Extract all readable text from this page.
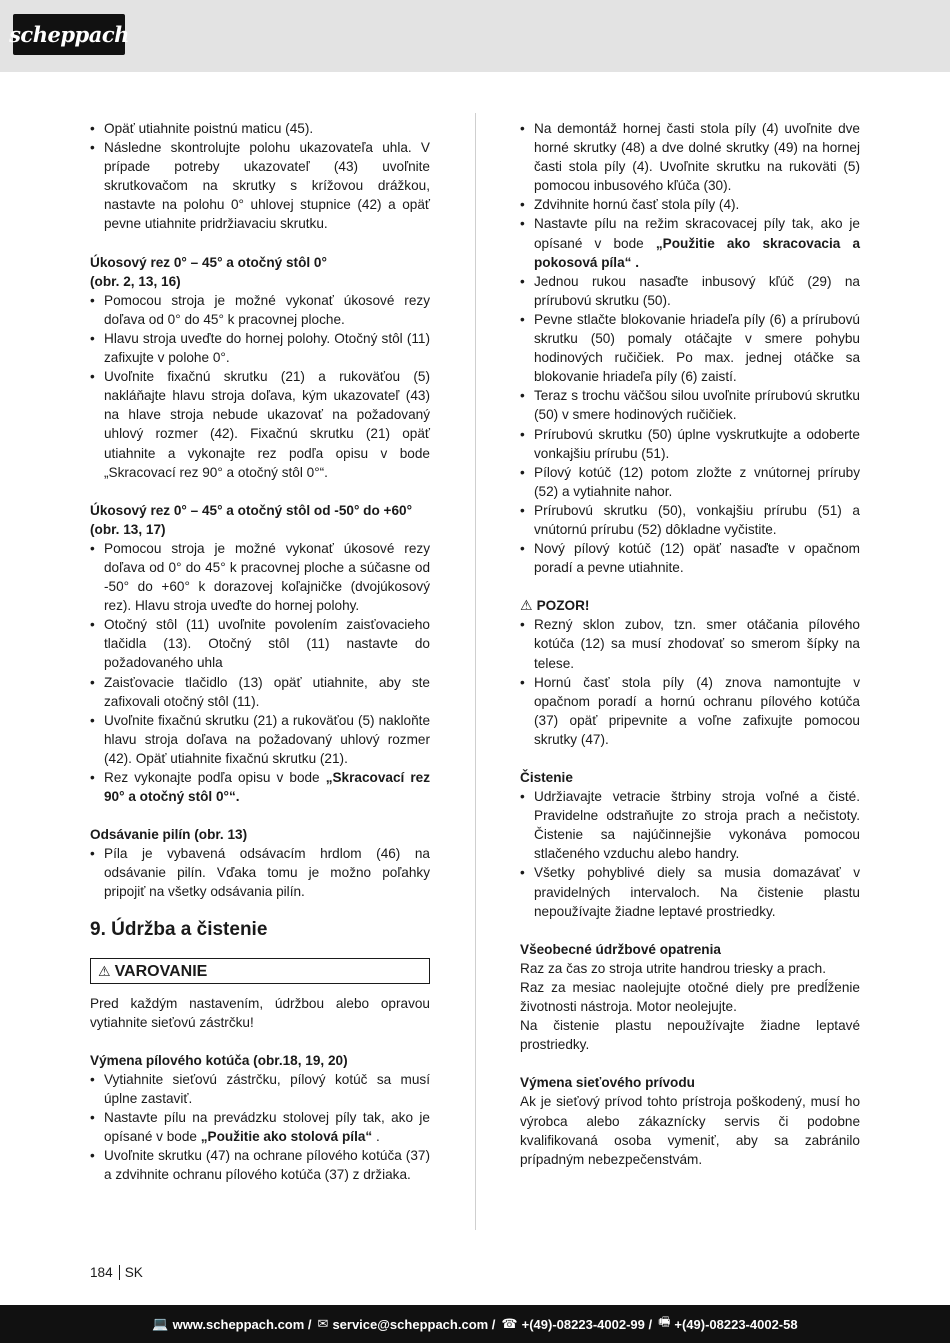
scheppach
• Opäť utiahnite poistnú maticu (45).
• Následne skontrolujte polohu ukazovateľa uhla. V prípade potreby ukazovateľ (43) uvoľnite skrutkovačom na skrutky s krížovou drážkou, nastavte na polohu 0° uhlovej stupnice (42) a opäť pevne utiahnite pridržiavaciu skrutku.

Úkosový rez 0° – 45° a otočný stôl 0°

(obr. 2, 13, 16)

• Pomocou stroja je možné vykonať úkosové rezy doľava od 0° do 45° k pracovnej ploche.
• Hlavu stroja uveďte do hornej polohy. Otočný stôl (11) zafixujte v polohe 0°.
• Uvoľnite fixačnú skrutku (21) a rukoväťou (5) nakláňajte hlavu stroja doľava, kým ukazovateľ (43) na hlave stroja nebude ukazovať na požadovaný uhlový rozmer (42). Fixačnú skrutku (21) opäť utiahnite a vykonajte rez podľa opisu v bode „Skracovací rez 90° a otočný stôl 0°“.

Úkosový rez 0° – 45° a otočný stôl od -50° do +60°

(obr. 13, 17)

• Pomocou stroja je možné vykonať úkosové rezy doľava od 0° do 45° k pracovnej ploche a súčasne od -50° do +60° k dorazovej koľajničke (dvojúkosový rez). Hlavu stroja uveďte do hornej polohy.
• Otočný stôl (11) uvoľnite povolením zaisťovacieho tlačidla (13). Otočný stôl (11) nastavte do požadovaného uhla
• Zaisťovacie tlačidlo (13) opäť utiahnite, aby ste zafixovali otočný stôl (11).
• Uvoľnite fixačnú skrutku (21) a rukoväťou (5) nakloňte hlavu stroja doľava na požadovaný uhlový rozmer (42). Opäť utiahnite fixačnú skrutku (21).
• Rez vykonajte podľa opisu v bode „Skracovací rez 90° a otočný stôl 0°“.

Odsávanie pilín (obr. 13)

• Píla je vybavená odsávacím hrdlom (46) na odsávanie pilín. Vďaka tomu je možno poľahky pripojiť na všetky odsávania pilín.

9. Údržba a čistenie

⚠ VAROVANIE

Pred každým nastavením, údržbou alebo opravou vytiahnite sieťovú zástrčku!

Výmena pílového kotúča (obr.18, 19, 20)

• Vytiahnite sieťovú zástrčku, pílový kotúč sa musí úplne zastaviť.
• Nastavte pílu na prevádzku stolovej píly tak, ako je opísané v bode „Použitie ako stolová píla“ .
• Uvoľnite skrutku (47) na ochrane pílového kotúča (37) a zdvihnite ochranu pílového kotúča (37) z držiaka.
• Na demontáž hornej časti stola píly (4) uvoľnite dve horné skrutky (48) a dve dolné skrutky (49) na hornej časti stola píly (4). Uvoľnite skrutku na rukoväti (5) pomocou inbusového kľúča (30).
• Zdvihnite hornú časť stola píly (4).
• Nastavte pílu na režim skracovacej píly tak, ako je opísané v bode „Použitie ako skracovacia a pokosová píla“ .
• Jednou rukou nasaďte inbusový kľúč (29) na prírubovú skrutku (50).
• Pevne stlačte blokovanie hriadeľa píly (6) a prírubovú skrutku (50) pomaly otáčajte v smere pohybu hodinových ručičiek. Po max. jednej otáčke sa blokovanie hriadeľa píly (6) zaistí.
• Teraz s trochu väčšou silou uvoľnite prírubovú skrutku (50) v smere hodinových ručičiek.
• Prírubovú skrutku (50) úplne vyskrutkujte a odoberte vonkajšiu prírubu (51).
• Pílový kotúč (12) potom zložte z vnútornej príruby (52) a vytiahnite nahor.
• Prírubovú skrutku (50), vonkajšiu prírubu (51) a vnútornú prírubu (52) dôkladne vyčistite.
• Nový pílový kotúč (12) opäť nasaďte v opačnom poradí a pevne utiahnite.

⚠ POZOR!

• Rezný sklon zubov, tzn. smer otáčania pílového kotúča (12) sa musí zhodovať so smerom šípky na telese.
• Hornú časť stola píly (4) znova namontujte v opačnom poradí a hornú ochranu pílového kotúča (37) opäť pripevnite a voľne zafixujte pomocou skrutky (47).

Čistenie

• Udržiavajte vetracie štrbiny stroja voľné a čisté. Pravidelne odstraňujte zo stroja prach a nečistoty. Čistenie sa najúčinnejšie vykonáva pomocou stlačeného vzduchu alebo handry.
• Všetky pohyblivé diely sa musia domazávať v pravidelných intervaloch. Na čistenie plastu nepoužívajte žiadne leptavé prostriedky.

Všeobecné údržbové opatrenia

Raz za čas zo stroja utrite handrou triesky a prach.

Raz za mesiac naolejujte otočné diely pre predĺženie životnosti nástroja. Motor neolejujte.

Na čistenie plastu nepoužívajte žiadne leptavé prostriedky.

Výmena sieťového prívodu

Ak je sieťový prívod tohto prístroja poškodený, musí ho výrobca alebo zákaznícky servis či podobne kvalifikovaná osoba vymeniť, aby sa zabránilo prípadným nebezpečenstvám.

184 SK
💻 www.scheppach.com / ✉ service@scheppach.com / ☎ +(49)-08223-4002-99 / 🖷 +(49)-08223-4002-58
